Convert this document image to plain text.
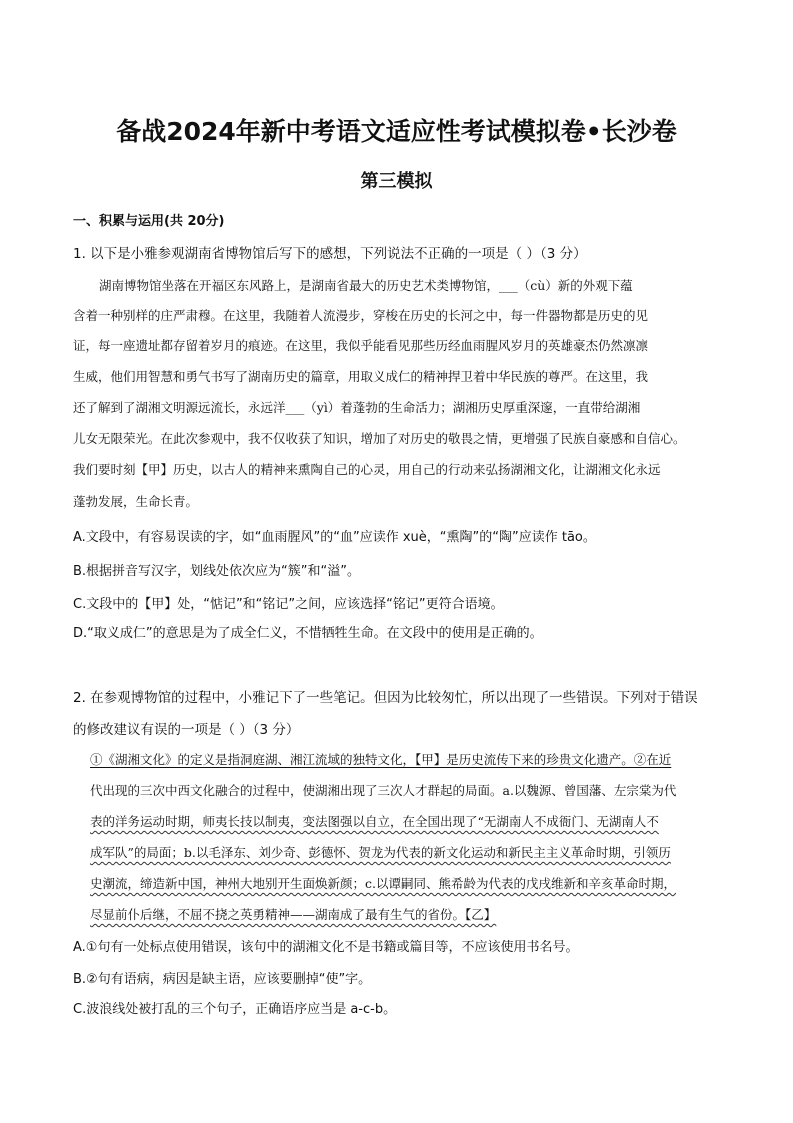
备战2024年新中考语文适应性考试模拟卷•长沙卷
第三模拟
一、积累与运用(共 20分)
1. 以下是小雅参观湖南省博物馆后写下的感想，下列说法不正确的一项是（ ）（3 分）
湖南博物馆坐落在开福区东风路上，是湖南省最大的历史艺术类博物馆，___（cù）新的外观下蕴
含着一种别样的庄严肃穆。在这里，我随着人流漫步，穿梭在历史的长河之中，每一件器物都是历史的见
证，每一座遗址都存留着岁月的痕迹。在这里，我似乎能看见那些历经血雨腥风岁月的英雄豪杰仍然凛凛
生威，他们用智慧和勇气书写了湖南历史的篇章，用取义成仁的精神捍卫着中华民族的尊严。在这里，我
还了解到了湖湘文明源远流长，永远洋___（yì）着蓬勃的生命活力；湖湘历史厚重深邃，一直带给湖湘
儿女无限荣光。在此次参观中，我不仅收获了知识，增加了对历史的敬畏之情，更增强了民族自豪感和自信心。
我们要时刻【甲】历史，以古人的精神来熏陶自己的心灵，用自己的行动来弘扬湖湘文化，让湖湘文化永远
蓬勃发展，生命长青。
A.文段中，有容易误读的字，如“血雨腥风”的“血”应读作 xuè，“熏陶”的“陶”应读作 tāo。
B.根据拼音写汉字，划线处依次应为“簇”和“溢”。
C.文段中的【甲】处，“惦记”和“铭记”之间，应该选择“铭记”更符合语境。
D.“取义成仁”的意思是为了成全仁义，不惜牺牲生命。在文段中的使用是正确的。
2. 在参观博物馆的过程中，小雅记下了一些笔记。但因为比较匆忙，所以出现了一些错误。下列对于错误
的修改建议有误的一项是（ ）（3 分）
①《湖湘文化》的定义是指洞庭湖、湘江流域的独特文化，【甲】是历史流传下来的珍贵文化遗产。②在近
代出现的三次中西文化融合的过程中，使湖湘出现了三次人才群起的局面。a.以魏源、曾国藩、左宗棠为代
表的洋务运动时期，师夷长技以制夷，变法图强以自立，在全国出现了“无湖南人不成衙门、无湖南人不
成军队”的局面；b.以毛泽东、刘少奇、彭德怀、贺龙为代表的新文化运动和新民主主义革命时期，引领历
史潮流，缔造新中国，神州大地别开生面焕新颜；c.以谭嗣同、熊希龄为代表的戊戌维新和辛亥革命时期，
尽显前仆后继，不屈不挠之英勇精神——湖南成了最有生气的省份。【乙】
A.①句有一处标点使用错误，该句中的湖湘文化不是书籍或篇目等，不应该使用书名号。
B.②句有语病，病因是缺主语，应该要删掉“使”字。
C.波浪线处被打乱的三个句子，正确语序应当是 a-c-b。
